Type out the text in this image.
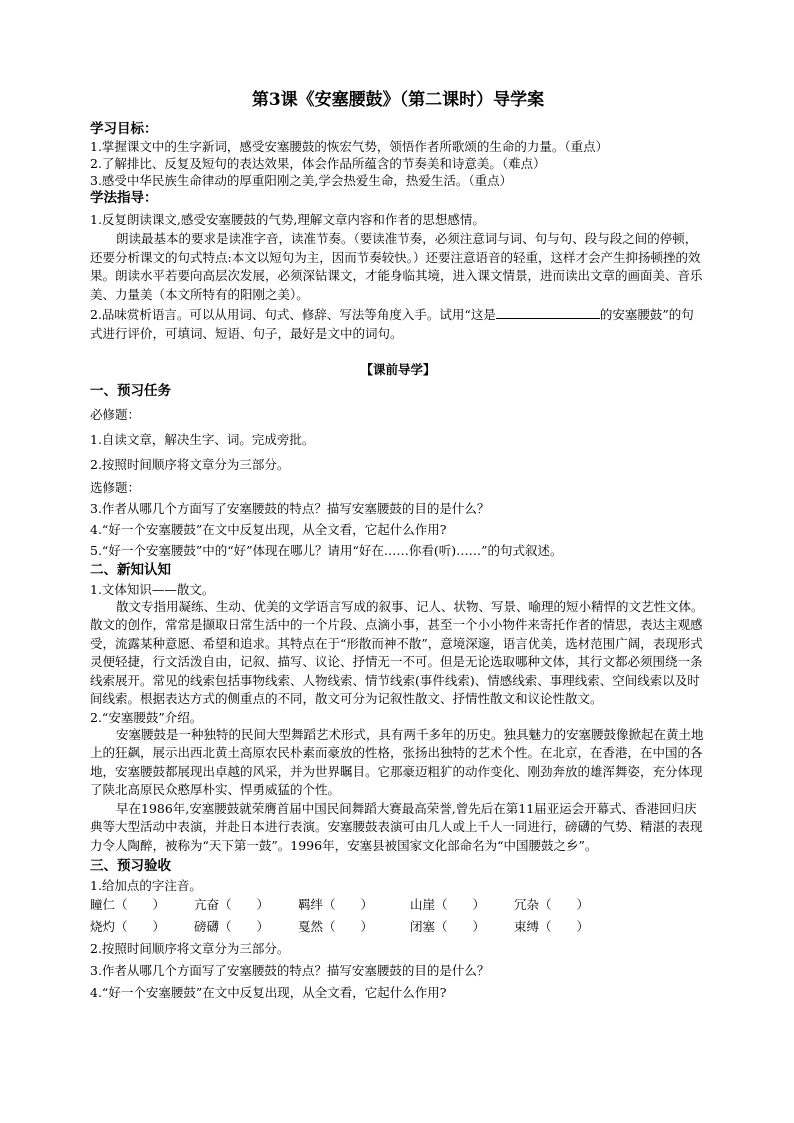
第3课《安塞腰鼓》（第二课时）导学案

学习目标：

1.掌握课文中的生字新词，感受安塞腰鼓的恢宏气势，领悟作者所歌颂的生命的力量。（重点）

2.了解排比、反复及短句的表达效果，体会作品所蕴含的节奏美和诗意美。（难点）

3.感受中华民族生命律动的厚重阳刚之美,学会热爱生命，热爱生活。（重点）

学法指导：

1.反复朗读课文,感受安塞腰鼓的气势,理解文章内容和作者的思想感情。

朗读最基本的要求是读准字音，读准节奏。（要读准节奏，必须注意词与词、句与句、段与段之间的停顿，还要分析课文的句式特点:本文以短句为主，因而节奏较快。）还要注意语音的轻重，这样才会产生抑扬顿挫的效果。朗读水平若要向高层次发展，必须深钻课文，才能身临其境，进入课文情景，进而读出文章的画面美、音乐美、力量美（本文所特有的阳刚之美）。

2.品味赏析语言。可以从用词、句式、修辞、写法等角度入手。试用“这是	的安塞腰鼓”的句式进行评价，可填词、短语、句子，最好是文中的词句。

【课前导学】

一、预习任务

必修题：

1.自读文章，解决生字、词。完成旁批。

2.按照时间顺序将文章分为三部分。

选修题：

3.作者从哪几个方面写了安塞腰鼓的特点？描写安塞腰鼓的目的是什么？

4.“好一个安塞腰鼓”在文中反复出现，从全文看，它起什么作用?

5.“好一个安塞腰鼓”中的“好”体现在哪儿？请用“好在……你看(听)……”的句式叙述。

二、新知认知

1.文体知识——散文。

散文专指用凝练、生动、优美的文学语言写成的叙事、记人、状物、写景、喻理的短小精悍的文艺性文体。散文的创作，常常是撷取日常生活中的一个片段、点滴小事，甚至一个小小物件来寄托作者的情思，表达主观感受，流露某种意愿、希望和追求。其特点在于“形散而神不散”，意境深邃，语言优美，选材范围广阔，表现形式灵便轻捷，行文活泼自由，记叙、描写、议论、抒情无一不可。但是无论选取哪种文体，其行文都必须围绕一条线索展开。常见的线索包括事物线索、人物线索、情节线索(事件线索)、情感线索、事理线索、空间线索以及时间线索。根据表达方式的侧重点的不同，散文可分为记叙性散文、抒情性散文和议论性散文。

2.“安塞腰鼓”介绍。

安塞腰鼓是一种独特的民间大型舞蹈艺术形式，具有两千多年的历史。独具魅力的安塞腰鼓像掀起在黄土地上的狂飙，展示出西北黄土高原农民朴素而豪放的性格，张扬出独特的艺术个性。在北京，在香港，在中国的各地，安塞腰鼓都展现出卓越的风采，并为世界瞩目。它那豪迈粗犷的动作变化、刚劲奔放的雄浑舞姿，充分体现了陕北高原民众憨厚朴实、悍勇威猛的个性。

早在1986年,安塞腰鼓就荣膺首届中国民间舞蹈大赛最高荣誉,曾先后在第11届亚运会开幕式、香港回归庆典等大型活动中表演，并赴日本进行表演。安塞腰鼓表演可由几人或上千人一同进行，磅礴的气势、精湛的表现力令人陶醉，被称为“天下第一鼓”。1996年，安塞县被国家文化部命名为“中国腰鼓之乡”。

三、预习验收

1.给加点的字注音。

瞳仁（　　）	亢奋（　　）	羁绊（　　）	山崖（　　）	冗杂（　　）
烧灼（　　）	磅礴（　　）	戛然（　　）	闭塞（　　）	束缚（　　）

2.按照时间顺序将文章分为三部分。

3.作者从哪几个方面写了安塞腰鼓的特点？描写安塞腰鼓的目的是什么？

4.“好一个安塞腰鼓”在文中反复出现，从全文看，它起什么作用?
